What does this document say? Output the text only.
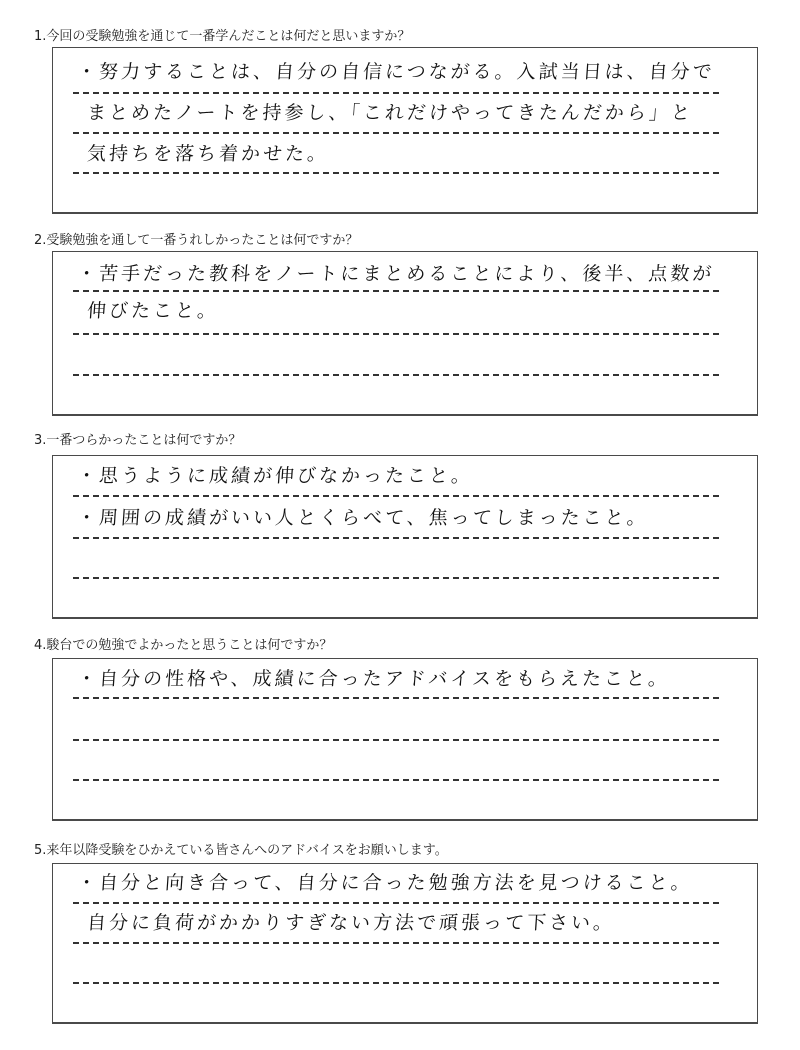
1.今回の受験勉強を通じて一番学んだことは何だと思いますか？
・努力することは、自分の自信につながる。入試当日は、自分で
まとめたノートを持参し、「これだけやってきたんだから」と
気持ちを落ち着かせた。
2.受験勉強を通して一番うれしかったことは何ですか？
・苦手だった教科をノートにまとめることにより、後半、点数が
伸びたこと。
3.一番つらかったことは何ですか？
・思うように成績が伸びなかったこと。
・周囲の成績がいい人とくらべて、焦ってしまったこと。
4.駿台での勉強でよかったと思うことは何ですか？
・自分の性格や、成績に合ったアドバイスをもらえたこと。
5.来年以降受験をひかえている皆さんへのアドバイスをお願いします。
・自分と向き合って、自分に合った勉強方法を見つけること。
自分に負荷がかかりすぎない方法で頑張って下さい。
